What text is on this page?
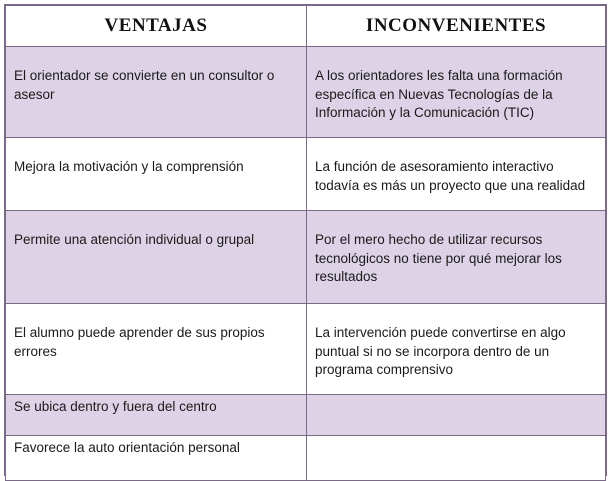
VENTAJAS	INCONVENIENTES

El orientador se convierte en un consultor o asesor	A los orientadores les falta una formación específica en Nuevas Tecnologías de la Información y la Comunicación (TIC)

Mejora la motivación y la comprensión	La función de asesoramiento interactivo todavía es más un proyecto que una realidad

Permite una atención individual o grupal	Por el mero hecho de utilizar recursos tecnológicos no tiene por qué mejorar los resultados

El alumno puede aprender de sus propios errores	La intervención puede convertirse en algo puntual si no se incorpora dentro de un programa comprensivo

Se ubica dentro y fuera del centro	

Favorece la auto orientación personal	
